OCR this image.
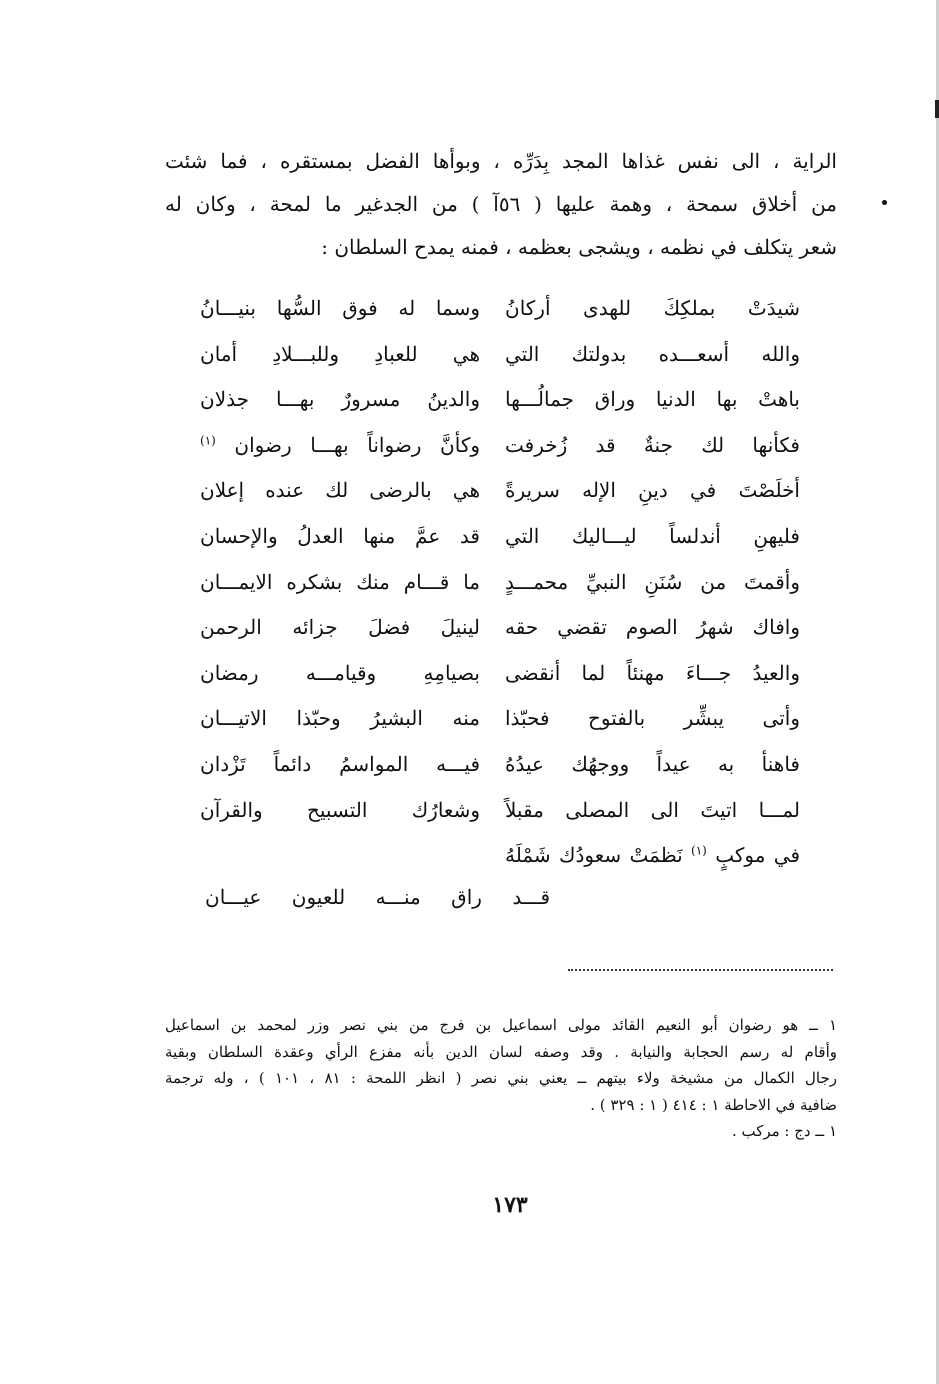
الراية ، الى نفس غذاها المجد بِدَرِّه ، وبوأها الفضل بمستقره ، فما شئت
من أخلاق سمحة ، وهمة عليها ( ٥٦آ ) من الجدغير ما لمحة ، وكان له
شعر يتكلف في نظمه ، ويشجى بعظمه ، فمنه يمدح السلطان :
شيدَتْ بملكِكَ للهدى أركانُ
وسما له فوق السُّها بنيـــانُ
والله أسعـــده بدولتك التي
هي للعبادِ وللبـــلادِ أمان
باهتْ بها الدنيا وراق جمالُـــها
والدينُ مسرورٌ بهـــا جذلان
فكأنها لك جنةٌ قد زُخرفت
وكأنَّ رضواناً بهـــا رضوان $^{(١)}$
أخلَصْتَ في دينِ الإله سريرةً
هي بالرضى لك عنده إعلان
فليهنِ أندلساً ليـــاليك التي
قد عمَّ منها العدلُ والإحسان
وأقمتَ من سُنَنِ النبيِّ محمـــدٍ
ما قـــام منك بشكره الايمـــان
وافاك شهرُ الصوم تقضي حقه
لينيلَ فضلَ جزائه الرحمن
والعيدُ جـــاءَ مهنئاً لما أنقضى
بصيامِهِ وقيامـــه رمضان
وأتى يبشِّر بالفتوح فحبّذا
منه البشيرُ وحبّذا الاتيـــان
فاهنأ به عيداً ووجهُك عيدُهُ
فيـــه المواسمُ دائماً تَزْدان
لمـــا اتيتَ الى المصلى مقبلاً
وشعارُك التسبيح والقرآن
في موكبٍ $^{(١)}$ نَظمَتْ سعودُك شَمْلَهُ
قـــد راق منـــه للعيون عيـــان
١ ــ هو رضوان أبو النعيم القائد مولى اسماعيل بن فرج من بني نصر وزر لمحمد بن اسماعيل
وأقام له رسم الحجابة والنيابة . وقد وصفه لسان الدين بأنه مفزع الرأي وعقدة السلطان وبقية
رجال الكمال من مشيخة ولاء بيتهم ــ يعني بني نصر ( انظر اللمحة : ٨١ ، ١٠١ ) ، وله ترجمة
ضافية في الاحاطة ١ : ٤١٤ ( ١ : ٣٢٩ ) .
١ ــ دج : مركب .
١٧٣
